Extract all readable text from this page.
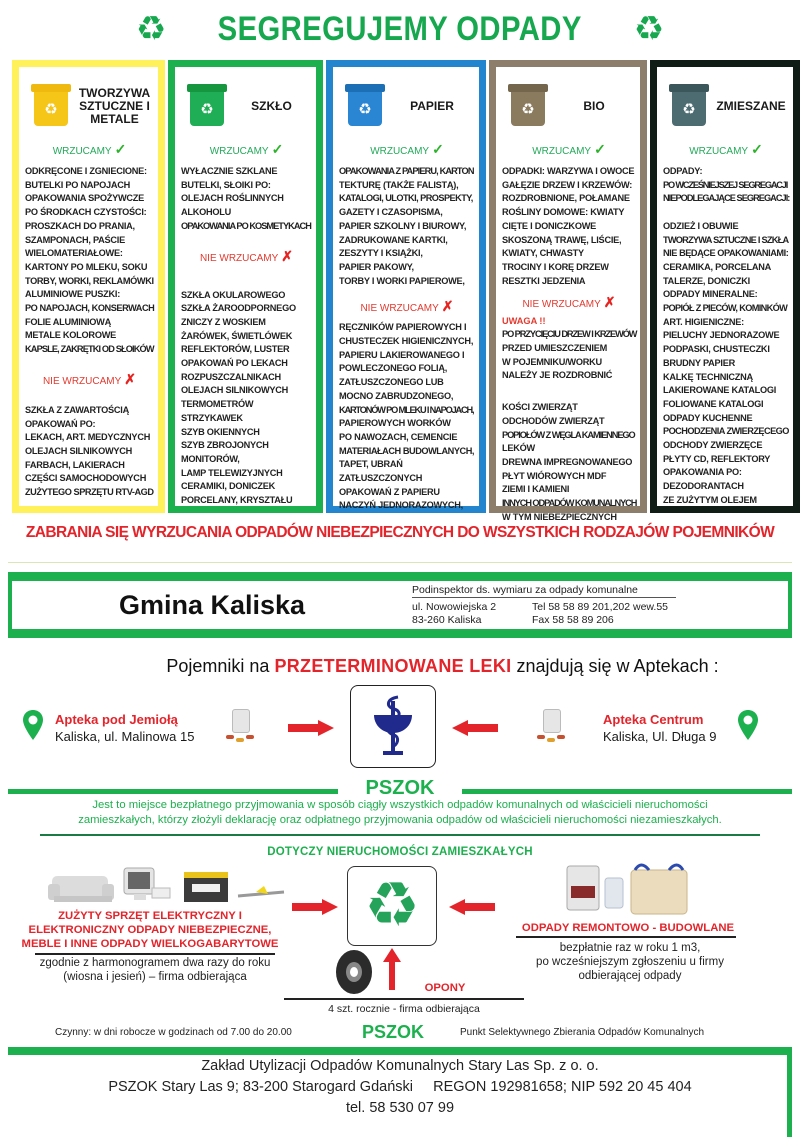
♻ SEGREGUJEMY ODPADY ♻
♻
TWORZYWA SZTUCZNE I METALE
WRZUCAMY ✓
ODKRĘCONE I ZGNIECIONE:
BUTELKI PO NAPOJACH
OPAKOWANIA SPOŻYWCZE
PO ŚRODKACH CZYSTOŚCI:
PROSZKACH DO PRANIA,
SZAMPONACH, PAŚCIE
WIELOMATERIAŁOWE:
KARTONY PO MLEKU, SOKU
TORBY, WORKI, REKLAMÓWKI
ALUMINIOWE PUSZKI:
PO NAPOJACH, KONSERWACH
FOLIE ALUMINIOWĄ
METALE KOLOROWE
KAPSLE, ZAKRĘTKI OD SŁOIKÓW
NIE WRZUCAMY ✗
SZKŁA Z ZAWARTOŚCIĄ
OPAKOWAŃ PO:
LEKACH, ART. MEDYCZNYCH
OLEJACH SILNIKOWYCH
FARBACH, LAKIERACH
CZĘŚCI SAMOCHODOWYCH
ZUŻYTEGO SPRZĘTU RTV-AGD
♻	SZKŁO
WRZUCAMY ✓
WYŁACZNIE SZKLANE
BUTELKI, SŁOIKI PO:
OLEJACH ROŚLINNYCH
ALKOHOLU
OPAKOWANIA PO KOSMETYKACH
NIE WRZUCAMY ✗
SZKŁA OKULAROWEGO
SZKŁA ŻAROODPORNEGO
ZNICZY Z WOSKIEM
ŻARÓWEK, ŚWIETLÓWEK
REFLEKTORÓW, LUSTER
OPAKOWAŃ PO LEKACH
ROZPUSZCZALNIKACH
OLEJACH SILNIKOWYCH
TERMOMETRÓW
STRZYKAWEK
SZYB OKIENNYCH
SZYB ZBROJONYCH
MONITORÓW,
LAMP TELEWIZYJNYCH
CERAMIKI, DONICZEK
PORCELANY, KRYSZTAŁU
♻	PAPIER
WRZUCAMY ✓
OPAKOWANIA Z PAPIERU, KARTON
TEKTURĘ (TAKŻE FALISTĄ),
KATALOGI, ULOTKI, PROSPEKTY,
GAZETY I CZASOPISMA,
PAPIER SZKOLNY I BIUROWY,
ZADRUKOWANE KARTKI,
ZESZYTY I KSIĄŻKI,
PAPIER PAKOWY,
TORBY I WORKI PAPIEROWE,
NIE WRZUCAMY ✗
RĘCZNIKÓW PAPIEROWYCH I
CHUSTECZEK HIGIENICZNYCH,
PAPIERU LAKIEROWANEGO I
POWLECZONEGO FOLIĄ,
ZATŁUSZCZONEGO LUB
MOCNO ZABRUDZONEGO,
KARTONÓW PO MLEKU I NAPOJACH,
PAPIEROWYCH WORKÓW
PO NAWOZACH, CEMENCIE
MATERIAŁACH BUDOWLANYCH,
TAPET, UBRAŃ
ZATŁUSZCZONYCH
OPAKOWAŃ Z PAPIERU
NACZYŃ JEDNORAZOWYCH,
♻	BIO
WRZUCAMY ✓
ODPADKI: WARZYWA I OWOCE
GAŁĘZIE DRZEW I KRZEWÓW:
ROZDROBNIONE, POŁAMANE
ROŚLINY DOMOWE: KWIATY
CIĘTE I DONICZKOWE
SKOSZONĄ TRAWĘ, LIŚCIE,
KWIATY, CHWASTY
TROCINY I KORĘ DRZEW
RESZTKI JEDZENIA
NIE WRZUCAMY ✗
UWAGA !!
PO PRZYCIĘCIU DRZEW I KRZEWÓW
PRZED UMIESZCZENIEM
W POJEMNIKU/WORKU
NALEŻY JE ROZDROBNIĆ
KOŚCI ZWIERZĄT
ODCHODÓW ZWIERZĄT
POPIOŁÓW Z WĘGLA KAMIENNEGO
LEKÓW
DREWNA IMPREGNOWANEGO
PŁYT WIÓROWYCH MDF
ZIEMI I KAMIENI
INNYCH ODPADÓW KOMUNALNYCH
W TYM NIEBEZPIECZNYCH
♻	ZMIESZANE
WRZUCAMY ✓
ODPADY:
PO WCZEŚNIEJSZEJ SEGREGACJI
NIEPODLEGAJĄCE SEGREGACJI:

ODZIEŻ I OBUWIE
TWORZYWA SZTUCZNE I SZKŁA
NIE BĘDĄCE OPAKOWANIAMI:
CERAMIKA, PORCELANA
TALERZE, DONICZKI
ODPADY MINERALNE:
POPIÓŁ Z PIECÓW, KOMINKÓW
ART. HIGIENICZNE:
PIELUCHY JEDNORAZOWE
PODPASKI, CHUSTECZKI
BRUDNY PAPIER
KALKĘ TECHNICZNĄ
LAKIEROWANE KATALOGI
FOLIOWANE KATALOGI
ODPADY KUCHENNE
POCHODZENIA ZWIERZĘCEGO
ODCHODY ZWIERZĘCE
PŁYTY CD, REFLEKTORY
OPAKOWANIA PO:
DEZODORANTACH
ZE ZUŻYTYM OLEJEM
ZABRANIA SIĘ WYRZUCANIA ODPADÓW NIEBEZPIECZNYCH DO WSZYSTKICH RODZAJÓW POJEMNIKÓW
Gmina Kaliska	Podinspektor ds. wymiaru za odpady komunalne
ul. Nowowiejska 2	Tel 58 58 89 201,202 wew.55
83-260 Kaliska	Fax 58 58 89 206
Pojemniki na PRZETERMINOWANE LEKI znajdują się w Aptekach :
Apteka pod Jemiołą
Kaliska, ul. Malinowa 15
Apteka Centrum
Kaliska, Ul. Długa 9
PSZOK
Jest to miejsce bezpłatnego przyjmowania w sposób ciągły wszystkich odpadów komunalnych od właścicieli nieruchomości
zamieszkałych, którzy złożyli deklarację oraz odpłatnego przyjmowania odpadów od właścicieli nieruchomości niezamieszkałych.
DOTYCZY NIERUCHOMOŚCI ZAMIESZKAŁYCH
ZUŻYTY SPRZĘT ELEKTRYCZNY I ELEKTRONICZNY ODPADY NIEBEZPIECZNE, MEBLE I INNE ODPADY WIELKOGABARYTOWE
zgodnie z harmonogramem dwa razy do roku
(wiosna i jesień) – firma odbierająca
♻	ODPADY REMONTOWO - BUDOWLANE
bezpłatnie raz w roku 1 m3,
po wcześniejszym zgłoszeniu u firmy
odbierającej odpady
OPONY
4 szt. rocznie - firma odbierająca
Czynny: w dni robocze w godzinach od 7.00 do 20.00	PSZOK	Punkt Selektywnego Zbierania Odpadów Komunalnych
Zakład Utylizacji Odpadów Komunalnych Stary Las Sp. z o. o.
PSZOK Stary Las 9; 83-200 Starogard Gdański REGON 192981658; NIP 592 20 45 404
tel. 58 530 07 99
